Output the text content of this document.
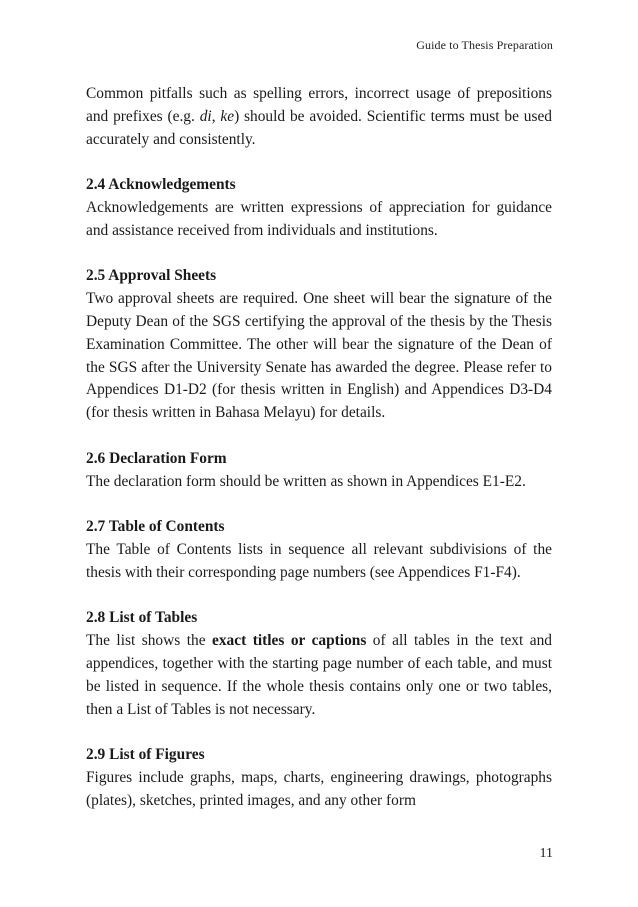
Guide to Thesis Preparation

Common pitfalls such as spelling errors, incorrect usage of prepositions and prefixes (e.g. di, ke) should be avoided. Scientific terms must be used accurately and consistently.

2.4 Acknowledgements

Acknowledgements are written expressions of appreciation for guidance and assistance received from individuals and institutions.

2.5 Approval Sheets

Two approval sheets are required. One sheet will bear the signature of the Deputy Dean of the SGS certifying the approval of the thesis by the Thesis Examination Committee. The other will bear the signature of the Dean of the SGS after the University Senate has awarded the degree. Please refer to Appendices D1-D2 (for thesis written in English) and Appendices D3-D4 (for thesis written in Bahasa Melayu) for details.

2.6 Declaration Form

The declaration form should be written as shown in Appendices E1-E2.

2.7 Table of Contents

The Table of Contents lists in sequence all relevant subdivisions of the thesis with their corresponding page numbers (see Appendices F1-F4).

2.8 List of Tables

The list shows the exact titles or captions of all tables in the text and appendices, together with the starting page number of each table, and must be listed in sequence. If the whole thesis contains only one or two tables, then a List of Tables is not necessary.

2.9 List of Figures

Figures include graphs, maps, charts, engineering drawings, photographs (plates), sketches, printed images, and any other form

11
